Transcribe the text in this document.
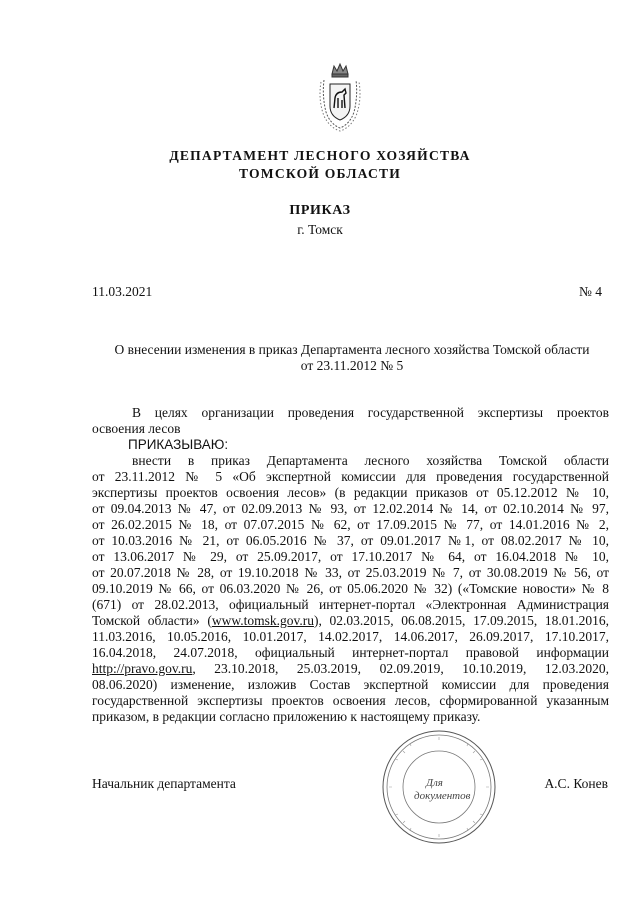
ДЕПАРТАМЕНТ ЛЕСНОГО ХОЗЯЙСТВА
ТОМСКОЙ ОБЛАСТИ
ПРИКАЗ
г. Томск
11.03.2021	№ 4
О внесении изменения в приказ Департамента лесного хозяйства Томской области
от 23.11.2012 № 5
В целях организации проведения государственной экспертизы проектов
освоения лесов
ПРИКАЗЫВАЮ:
внести в приказ Департамента лесного хозяйства Томской области
от 23.11.2012 № 5 «Об экспертной комиссии для проведения государственной
экспертизы проектов освоения лесов» (в редакции приказов от 05.12.2012 № 10,
от 09.04.2013 № 47, от 02.09.2013 № 93, от 12.02.2014 № 14, от 02.10.2014 № 97,
от 26.02.2015 № 18, от 07.07.2015 № 62, от 17.09.2015 № 77, от 14.01.2016 № 2,
от 10.03.2016 № 21, от 06.05.2016 № 37, от 09.01.2017 №1, от 08.02.2017 № 10,
от 13.06.2017 № 29, от 25.09.2017, от 17.10.2017 № 64, от 16.04.2018 № 10,
от 20.07.2018 № 28, от 19.10.2018 № 33, от 25.03.2019 № 7, от 30.08.2019 № 56, от
09.10.2019 № 66, от 06.03.2020 № 26, от 05.06.2020 № 32) («Томские новости» № 8
(671) от 28.02.2013, официальный интернет-портал «Электронная Администрация
Томской области» (www.tomsk.gov.ru), 02.03.2015, 06.08.2015, 17.09.2015, 18.01.2016,
11.03.2016, 10.05.2016, 10.01.2017, 14.02.2017, 14.06.2017, 26.09.2017, 17.10.2017,
16.04.2018, 24.07.2018, официальный интернет-портал правовой информации
http://pravo.gov.ru, 23.10.2018, 25.03.2019, 02.09.2019, 10.10.2019, 12.03.2020,
08.06.2020) изменение, изложив Состав экспертной комиссии для проведения
государственной экспертизы проектов освоения лесов, сформированной указанным
приказом, в редакции согласно приложению к настоящему приказу.
Начальник департамента	А.С. Конев
Для
документов
